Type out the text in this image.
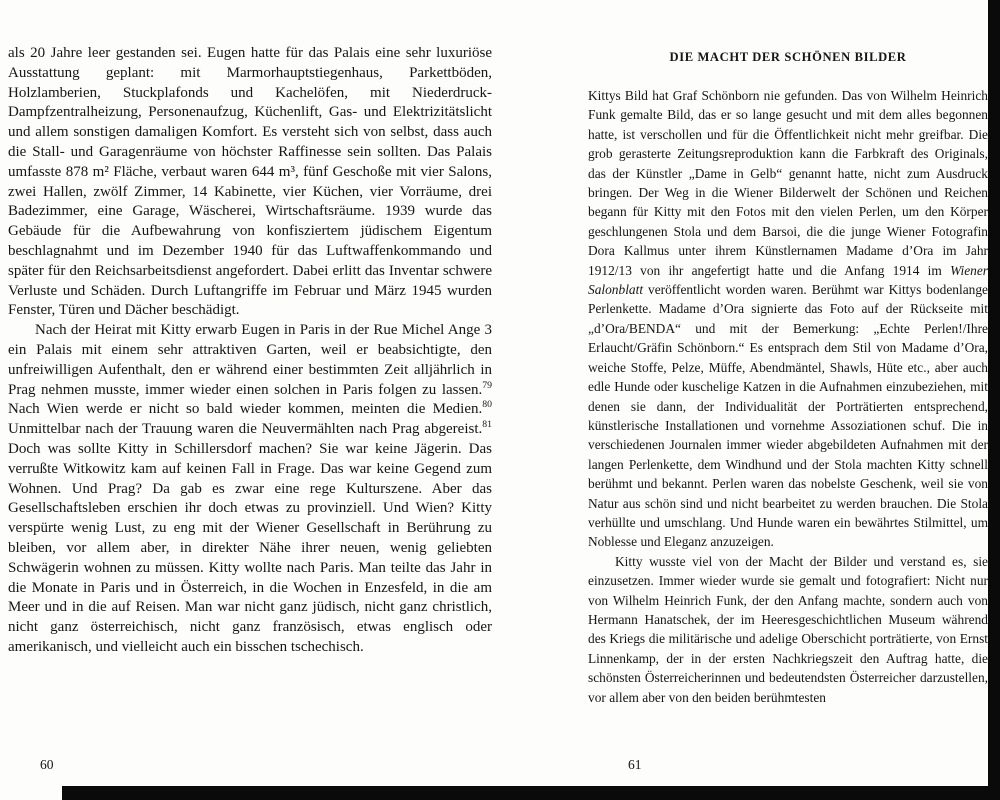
als 20 Jahre leer gestanden sei. Eugen hatte für das Palais eine sehr luxuriöse Ausstattung geplant: mit Marmorhauptstiegenhaus, Parkettböden, Holzlamberien, Stuckplafonds und Kachelöfen, mit Niederdruck-Dampfzentralheizung, Personenaufzug, Küchenlift, Gas- und Elektrizitätslicht und allem sonstigen damaligen Komfort. Es versteht sich von selbst, dass auch die Stall- und Garagenräume von höchster Raffinesse sein sollten. Das Palais umfasste 878 m² Fläche, verbaut waren 644 m³, fünf Geschoße mit vier Salons, zwei Hallen, zwölf Zimmer, 14 Kabinette, vier Küchen, vier Vorräume, drei Badezimmer, eine Garage, Wäscherei, Wirtschaftsräume. 1939 wurde das Gebäude für die Aufbewahrung von konfisziertem jüdischem Eigentum beschlagnahmt und im Dezember 1940 für das Luftwaffenkommando und später für den Reichsarbeitsdienst angefordert. Dabei erlitt das Inventar schwere Verluste und Schäden. Durch Luftangriffe im Februar und März 1945 wurden Fenster, Türen und Dächer beschädigt.

Nach der Heirat mit Kitty erwarb Eugen in Paris in der Rue Michel Ange 3 ein Palais mit einem sehr attraktiven Garten, weil er beabsichtigte, den unfreiwilligen Aufenthalt, den er während einer bestimmten Zeit alljährlich in Prag nehmen musste, immer wieder einen solchen in Paris folgen zu lassen.$^{79}$ Nach Wien werde er nicht so bald wieder kommen, meinten die Medien.$^{80}$ Unmittelbar nach der Trauung waren die Neuvermählten nach Prag abgereist.$^{81}$ Doch was sollte Kitty in Schillersdorf machen? Sie war keine Jägerin. Das verrußte Witkowitz kam auf keinen Fall in Frage. Das war keine Gegend zum Wohnen. Und Prag? Da gab es zwar eine rege Kulturszene. Aber das Gesellschaftsleben erschien ihr doch etwas zu provinziell. Und Wien? Kitty verspürte wenig Lust, zu eng mit der Wiener Gesellschaft in Berührung zu bleiben, vor allem aber, in direkter Nähe ihrer neuen, wenig geliebten Schwägerin wohnen zu müssen. Kitty wollte nach Paris. Man teilte das Jahr in die Monate in Paris und in Österreich, in die Wochen in Enzesfeld, in die am Meer und in die auf Reisen. Man war nicht ganz jüdisch, nicht ganz christlich, nicht ganz österreichisch, nicht ganz französisch, etwas englisch oder amerikanisch, und vielleicht auch ein bisschen tschechisch.

60
DIE MACHT DER SCHÖNEN BILDER

Kittys Bild hat Graf Schönborn nie gefunden. Das von Wilhelm Heinrich Funk gemalte Bild, das er so lange gesucht und mit dem alles begonnen hatte, ist verschollen und für die Öffentlichkeit nicht mehr greifbar. Die grob gerasterte Zeitungsreproduktion kann die Farbkraft des Originals, das der Künstler „Dame in Gelb“ genannt hatte, nicht zum Ausdruck bringen. Der Weg in die Wiener Bilderwelt der Schönen und Reichen begann für Kitty mit den Fotos mit den vielen Perlen, um den Körper geschlungenen Stola und dem Barsoi, die die junge Wiener Fotografin Dora Kallmus unter ihrem Künstlernamen Madame d’Ora im Jahr 1912/13 von ihr angefertigt hatte und die Anfang 1914 im Wiener Salonblatt veröffentlicht worden waren. Berühmt war Kittys bodenlange Perlenkette. Madame d’Ora signierte das Foto auf der Rückseite mit „d’Ora/BENDA“ und mit der Bemerkung: „Echte Perlen!/Ihre Erlaucht/Gräfin Schönborn.“ Es entsprach dem Stil von Madame d’Ora, weiche Stoffe, Pelze, Müffe, Abendmäntel, Shawls, Hüte etc., aber auch edle Hunde oder kuschelige Katzen in die Aufnahmen einzubeziehen, mit denen sie dann, der Individualität der Porträtierten entsprechend, künstlerische Installationen und vornehme Assoziationen schuf. Die in verschiedenen Journalen immer wieder abgebildeten Aufnahmen mit der langen Perlenkette, dem Windhund und der Stola machten Kitty schnell berühmt und bekannt. Perlen waren das nobelste Geschenk, weil sie von Natur aus schön sind und nicht bearbeitet zu werden brauchen. Die Stola verhüllte und umschlang. Und Hunde waren ein bewährtes Stilmittel, um Noblesse und Eleganz anzuzeigen.

Kitty wusste viel von der Macht der Bilder und verstand es, sie einzusetzen. Immer wieder wurde sie gemalt und fotografiert: Nicht nur von Wilhelm Heinrich Funk, der den Anfang machte, sondern auch von Hermann Hanatschek, der im Heeresgeschichtlichen Museum während des Kriegs die militärische und adelige Oberschicht porträtierte, von Ernst Linnenkamp, der in der ersten Nachkriegszeit den Auftrag hatte, die schönsten Österreicherinnen und bedeutendsten Österreicher darzustellen, vor allem aber von den beiden berühmtesten

61
